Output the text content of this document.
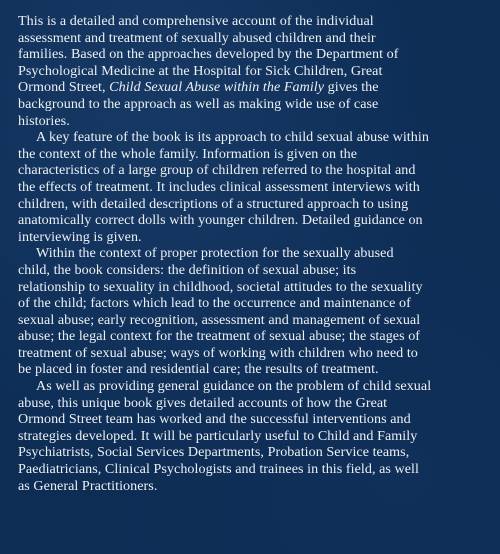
This is a detailed and comprehensive account of the individual
assessment and treatment of sexually abused children and their
families. Based on the approaches developed by the Department of
Psychological Medicine at the Hospital for Sick Children, Great
Ormond Street, Child Sexual Abuse within the Family gives the
background to the approach as well as making wide use of case
histories.

A key feature of the book is its approach to child sexual abuse within
the context of the whole family. Information is given on the
characteristics of a large group of children referred to the hospital and
the effects of treatment. It includes clinical assessment interviews with
children, with detailed descriptions of a structured approach to using
anatomically correct dolls with younger children. Detailed guidance on
interviewing is given.

Within the context of proper protection for the sexually abused
child, the book considers: the definition of sexual abuse; its
relationship to sexuality in childhood, societal attitudes to the sexuality
of the child; factors which lead to the occurrence and maintenance of
sexual abuse; early recognition, assessment and management of sexual
abuse; the legal context for the treatment of sexual abuse; the stages of
treatment of sexual abuse; ways of working with children who need to
be placed in foster and residential care; the results of treatment.

As well as providing general guidance on the problem of child sexual
abuse, this unique book gives detailed accounts of how the Great
Ormond Street team has worked and the successful interventions and
strategies developed. It will be particularly useful to Child and Family
Psychiatrists, Social Services Departments, Probation Service teams,
Paediatricians, Clinical Psychologists and trainees in this field, as well
as General Practitioners.
